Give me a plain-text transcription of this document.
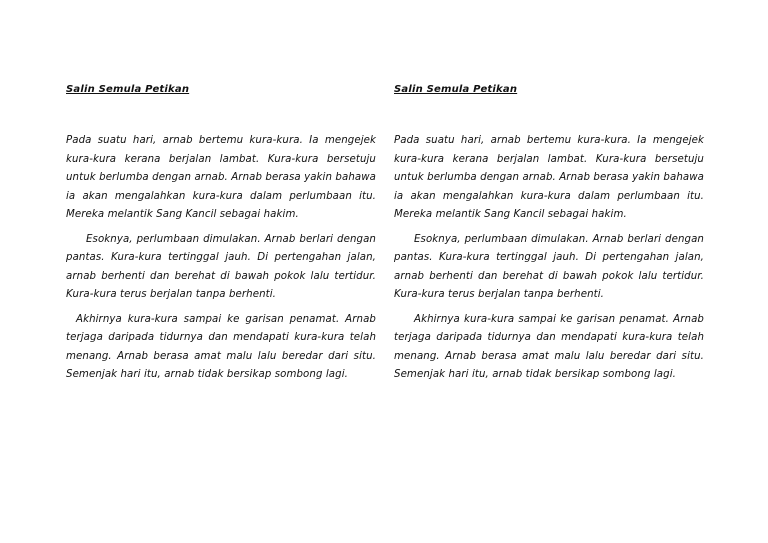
Salin Semula Petikan

Pada suatu hari, arnab bertemu kura-kura. Ia mengejek kura-kura kerana berjalan lambat. Kura-kura bersetuju untuk berlumba dengan arnab. Arnab berasa yakin bahawa ia akan mengalahkan kura-kura dalam perlumbaan itu. Mereka melantik Sang Kancil sebagai hakim.

Esoknya, perlumbaan dimulakan. Arnab berlari dengan pantas. Kura-kura tertinggal jauh. Di pertengahan jalan, arnab berhenti dan berehat di bawah pokok lalu tertidur. Kura-kura terus berjalan tanpa berhenti.

Akhirnya kura-kura sampai ke garisan penamat. Arnab terjaga daripada tidurnya dan mendapati kura-kura telah menang. Arnab berasa amat malu lalu beredar dari situ. Semenjak hari itu, arnab tidak bersikap sombong lagi.

Salin Semula Petikan

Pada suatu hari, arnab bertemu kura-kura. Ia mengejek kura-kura kerana berjalan lambat. Kura-kura bersetuju untuk berlumba dengan arnab. Arnab berasa yakin bahawa ia akan mengalahkan kura-kura dalam perlumbaan itu. Mereka melantik Sang Kancil sebagai hakim.

Esoknya, perlumbaan dimulakan. Arnab berlari dengan pantas. Kura-kura tertinggal jauh. Di pertengahan jalan, arnab berhenti dan berehat di bawah pokok lalu tertidur. Kura-kura terus berjalan tanpa berhenti.

Akhirnya kura-kura sampai ke garisan penamat. Arnab terjaga daripada tidurnya dan mendapati kura-kura telah menang. Arnab berasa amat malu lalu beredar dari situ. Semenjak hari itu, arnab tidak bersikap sombong lagi.
